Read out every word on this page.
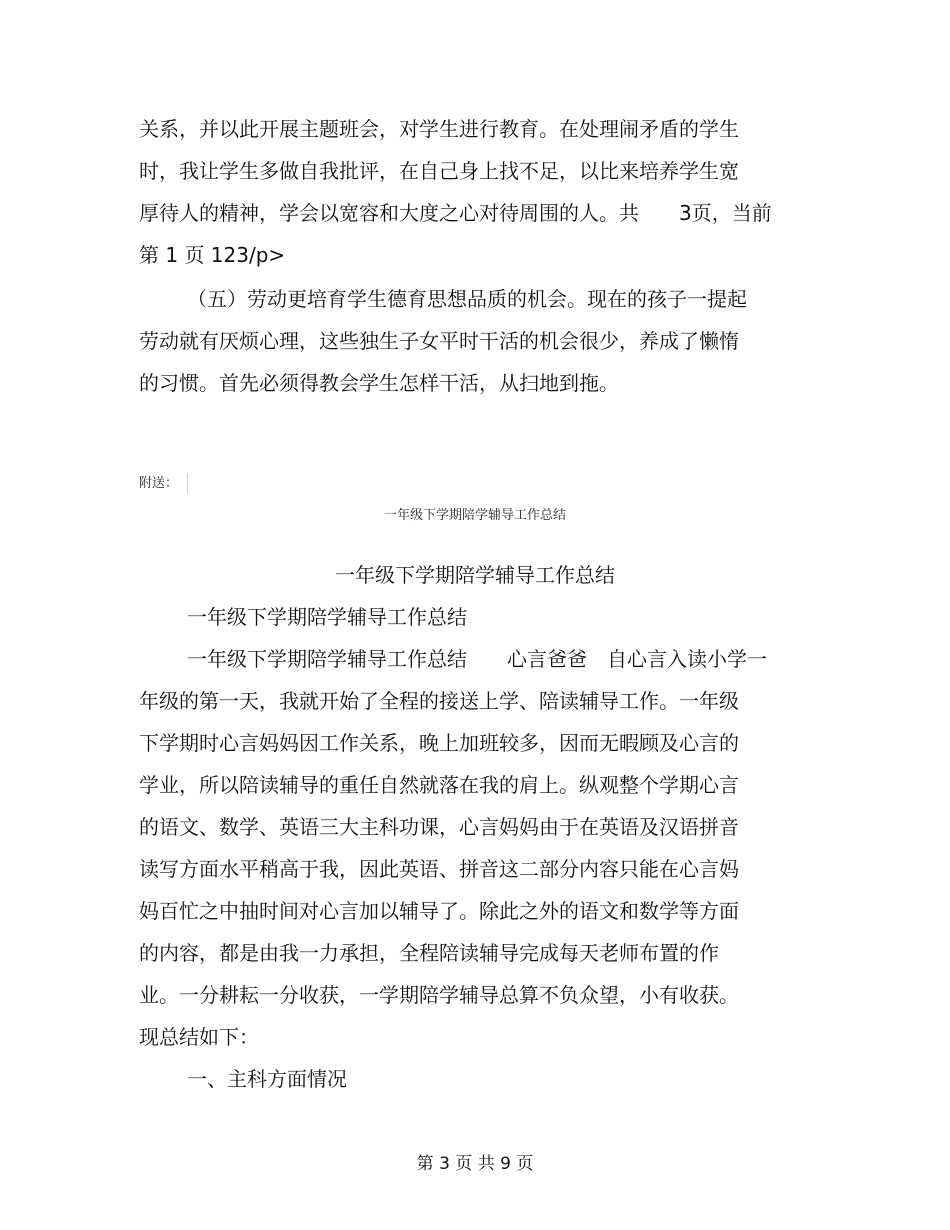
关系，并以此开展主题班会，对学生进行教育。在处理闹矛盾的学生
时，我让学生多做自我批评，在自己身上找不足，以比来培养学生宽
厚待人的精神，学会以宽容和大度之心对待周围的人。共　　3页，当前
第 1 页 123/p>
（五）劳动更培育学生德育思想品质的机会。现在的孩子一提起
劳动就有厌烦心理，这些独生子女平时干活的机会很少，养成了懒惰
的习惯。首先必须得教会学生怎样干活，从扫地到拖。
附送：
一年级下学期陪学辅导工作总结
一年级下学期陪学辅导工作总结
一年级下学期陪学辅导工作总结
一年级下学期陪学辅导工作总结　　心言爸爸　自心言入读小学一
年级的第一天，我就开始了全程的接送上学、陪读辅导工作。一年级
下学期时心言妈妈因工作关系，晚上加班较多，因而无暇顾及心言的
学业，所以陪读辅导的重任自然就落在我的肩上。纵观整个学期心言
的语文、数学、英语三大主科功课，心言妈妈由于在英语及汉语拼音
读写方面水平稍高于我，因此英语、拼音这二部分内容只能在心言妈
妈百忙之中抽时间对心言加以辅导了。除此之外的语文和数学等方面
的内容，都是由我一力承担，全程陪读辅导完成每天老师布置的作
业。一分耕耘一分收获，一学期陪学辅导总算不负众望，小有收获。
现总结如下：
一、主科方面情况
第 3 页 共 9 页
